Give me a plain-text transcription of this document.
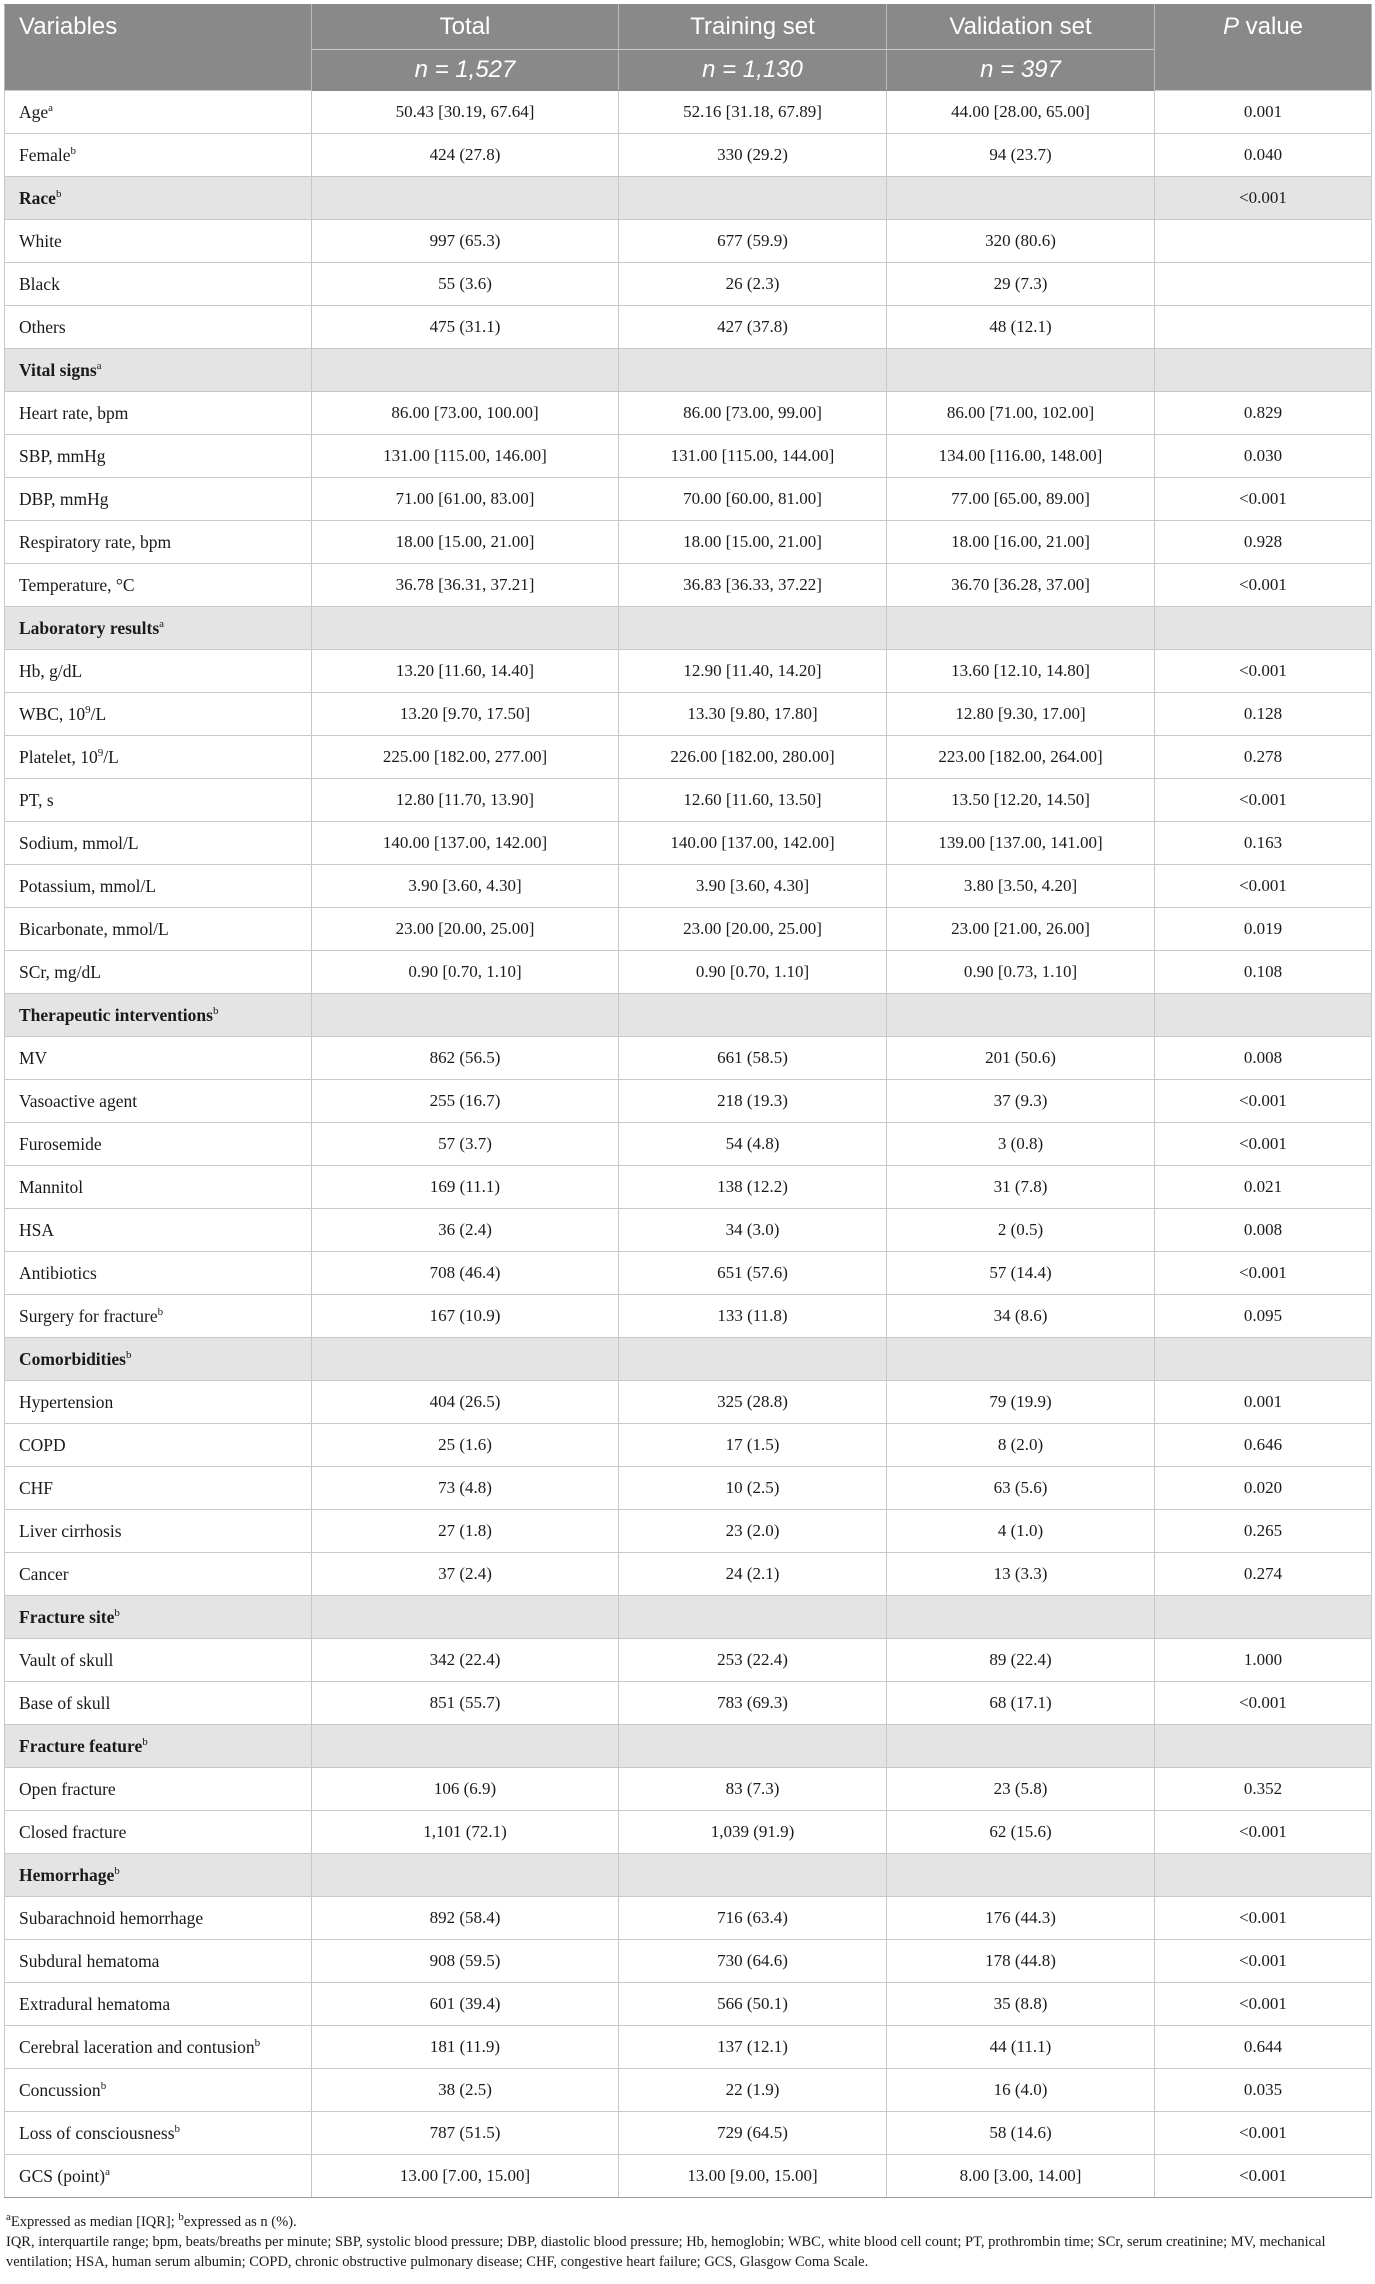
Variables	Total	Training set	Validation set	P value
	n = 1,527	n = 1,130	n = 397	
Age$^a$	50.43 [30.19, 67.64]	52.16 [31.18, 67.89]	44.00 [28.00, 65.00]	0.001
Female$^b$	424 (27.8)	330 (29.2)	94 (23.7)	0.040
Race$^b$				<0.001
White	997 (65.3)	677 (59.9)	320 (80.6)	
Black	55 (3.6)	26 (2.3)	29 (7.3)	
Others	475 (31.1)	427 (37.8)	48 (12.1)	
Vital signs$^a$				
Heart rate, bpm	86.00 [73.00, 100.00]	86.00 [73.00, 99.00]	86.00 [71.00, 102.00]	0.829
SBP, mmHg	131.00 [115.00, 146.00]	131.00 [115.00, 144.00]	134.00 [116.00, 148.00]	0.030
DBP, mmHg	71.00 [61.00, 83.00]	70.00 [60.00, 81.00]	77.00 [65.00, 89.00]	<0.001
Respiratory rate, bpm	18.00 [15.00, 21.00]	18.00 [15.00, 21.00]	18.00 [16.00, 21.00]	0.928
Temperature, °C	36.78 [36.31, 37.21]	36.83 [36.33, 37.22]	36.70 [36.28, 37.00]	<0.001
Laboratory results$^a$				
Hb, g/dL	13.20 [11.60, 14.40]	12.90 [11.40, 14.20]	13.60 [12.10, 14.80]	<0.001
WBC, $10^9/L$	13.20 [9.70, 17.50]	13.30 [9.80, 17.80]	12.80 [9.30, 17.00]	0.128
Platelet, $10^9/L$	225.00 [182.00, 277.00]	226.00 [182.00, 280.00]	223.00 [182.00, 264.00]	0.278
PT, s	12.80 [11.70, 13.90]	12.60 [11.60, 13.50]	13.50 [12.20, 14.50]	<0.001
Sodium, mmol/L	140.00 [137.00, 142.00]	140.00 [137.00, 142.00]	139.00 [137.00, 141.00]	0.163
Potassium, mmol/L	3.90 [3.60, 4.30]	3.90 [3.60, 4.30]	3.80 [3.50, 4.20]	<0.001
Bicarbonate, mmol/L	23.00 [20.00, 25.00]	23.00 [20.00, 25.00]	23.00 [21.00, 26.00]	0.019
SCr, mg/dL	0.90 [0.70, 1.10]	0.90 [0.70, 1.10]	0.90 [0.73, 1.10]	0.108
Therapeutic interventions$^b$				
MV	862 (56.5)	661 (58.5)	201 (50.6)	0.008
Vasoactive agent	255 (16.7)	218 (19.3)	37 (9.3)	<0.001
Furosemide	57 (3.7)	54 (4.8)	3 (0.8)	<0.001
Mannitol	169 (11.1)	138 (12.2)	31 (7.8)	0.021
HSA	36 (2.4)	34 (3.0)	2 (0.5)	0.008
Antibiotics	708 (46.4)	651 (57.6)	57 (14.4)	<0.001
Surgery for fracture$^b$	167 (10.9)	133 (11.8)	34 (8.6)	0.095
Comorbidities$^b$				
Hypertension	404 (26.5)	325 (28.8)	79 (19.9)	0.001
COPD	25 (1.6)	17 (1.5)	8 (2.0)	0.646
CHF	73 (4.8)	10 (2.5)	63 (5.6)	0.020
Liver cirrhosis	27 (1.8)	23 (2.0)	4 (1.0)	0.265
Cancer	37 (2.4)	24 (2.1)	13 (3.3)	0.274
Fracture site$^b$				
Vault of skull	342 (22.4)	253 (22.4)	89 (22.4)	1.000
Base of skull	851 (55.7)	783 (69.3)	68 (17.1)	<0.001
Fracture feature$^b$				
Open fracture	106 (6.9)	83 (7.3)	23 (5.8)	0.352
Closed fracture	1,101 (72.1)	1,039 (91.9)	62 (15.6)	<0.001
Hemorrhage$^b$				
Subarachnoid hemorrhage	892 (58.4)	716 (63.4)	176 (44.3)	<0.001
Subdural hematoma	908 (59.5)	730 (64.6)	178 (44.8)	<0.001
Extradural hematoma	601 (39.4)	566 (50.1)	35 (8.8)	<0.001
Cerebral laceration and contusion$^b$	181 (11.9)	137 (12.1)	44 (11.1)	0.644
Concussion$^b$	38 (2.5)	22 (1.9)	16 (4.0)	0.035
Loss of consciousness$^b$	787 (51.5)	729 (64.5)	58 (14.6)	<0.001
GCS (point)$^a$	13.00 [7.00, 15.00]	13.00 [9.00, 15.00]	8.00 [3.00, 14.00]	<0.001

$^a$Expressed as median [IQR]; $^b$expressed as n (%).

IQR, interquartile range; bpm, beats/breaths per minute; SBP, systolic blood pressure; DBP, diastolic blood pressure; Hb, hemoglobin; WBC, white blood cell count; PT, prothrombin time; SCr, serum creatinine; MV, mechanical ventilation; HSA, human serum albumin; COPD, chronic obstructive pulmonary disease; CHF, congestive heart failure; GCS, Glasgow Coma Scale.
